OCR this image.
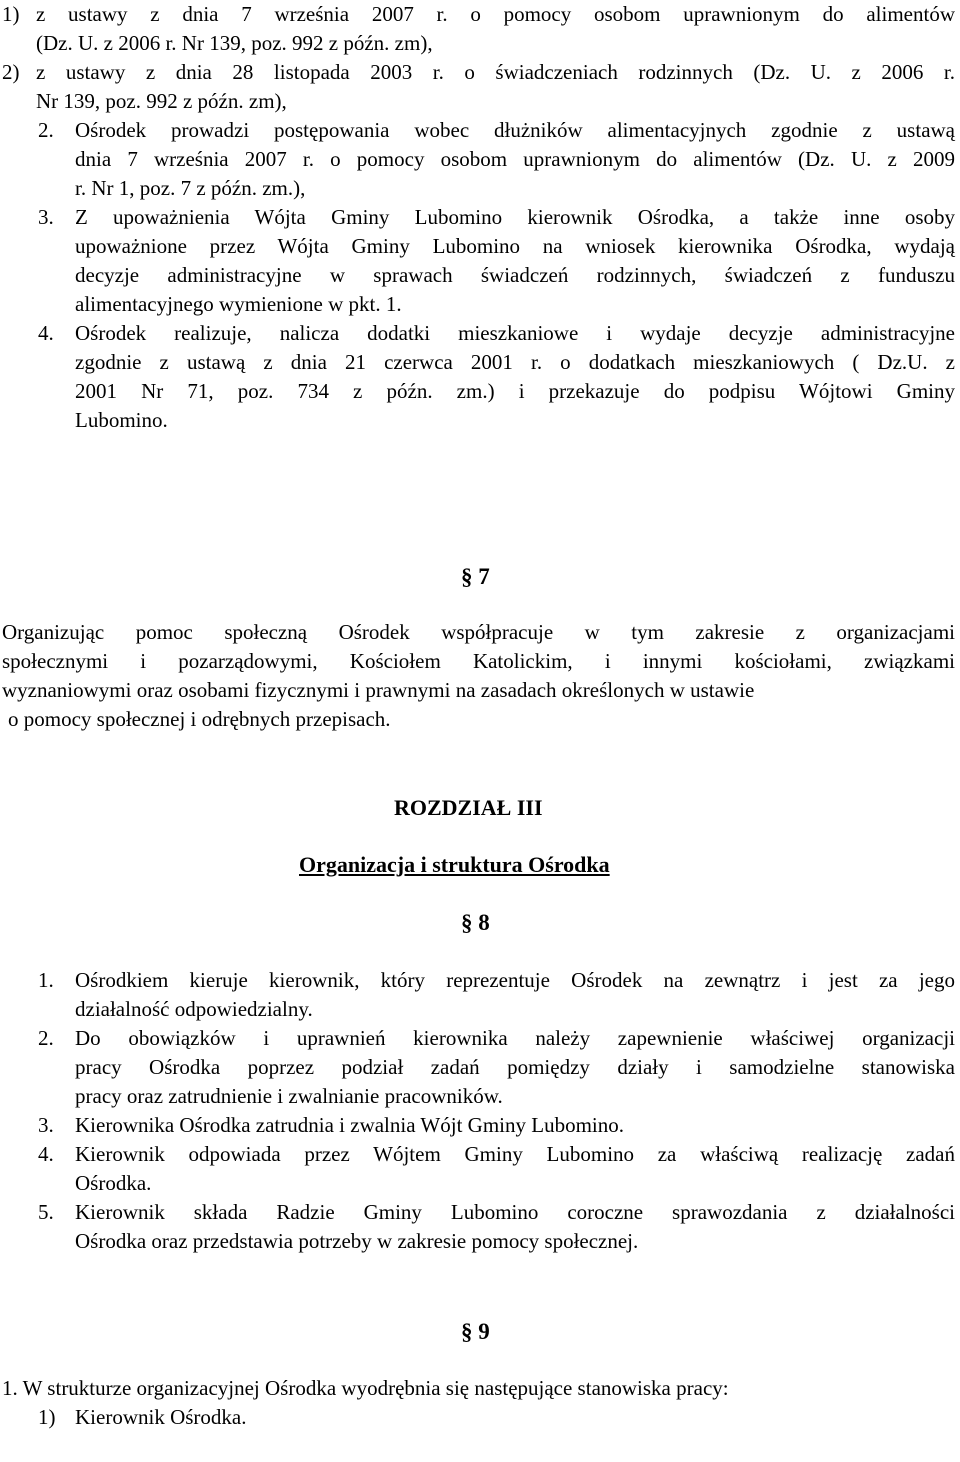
1) z ustawy z dnia 7 września 2007 r. o pomocy osobom uprawnionym do alimentów
(Dz. U. z 2006 r. Nr 139, poz. 992 z późn. zm),
2) z ustawy z dnia 28 listopada 2003 r. o świadczeniach rodzinnych (Dz. U. z 2006 r.
Nr 139, poz. 992 z późn. zm),
2. Ośrodek prowadzi postępowania wobec dłużników alimentacyjnych zgodnie z ustawą
dnia 7 września 2007 r. o pomocy osobom uprawnionym do alimentów (Dz. U. z 2009
r. Nr 1, poz. 7 z późn. zm.),
3. Z upoważnienia Wójta Gminy Lubomino kierownik Ośrodka, a także inne osoby
upoważnione przez Wójta Gminy Lubomino na wniosek kierownika Ośrodka, wydają
decyzje administracyjne w sprawach świadczeń rodzinnych, świadczeń z funduszu
alimentacyjnego wymienione w pkt. 1.
4. Ośrodek realizuje, nalicza dodatki mieszkaniowe i wydaje decyzje administracyjne
zgodnie z ustawą z dnia 21 czerwca 2001 r. o dodatkach mieszkaniowych ( Dz.U. z
2001 Nr 71, poz. 734 z późn. zm.) i przekazuje do podpisu Wójtowi Gminy
Lubomino.
§ 7
Organizując pomoc społeczną Ośrodek współpracuje w tym zakresie z organizacjami
społecznymi i pozarządowymi, Kościołem Katolickim, i innymi kościołami, związkami
wyznaniowymi oraz osobami fizycznymi i prawnymi na zasadach określonych w ustawie
o pomocy społecznej i odrębnych przepisach.
ROZDZIAŁ III
Organizacja i struktura Ośrodka
§ 8
1. Ośrodkiem kieruje kierownik, który reprezentuje Ośrodek na zewnątrz i jest za jego
działalność odpowiedzialny.
2. Do obowiązków i uprawnień kierownika należy zapewnienie właściwej organizacji
pracy Ośrodka poprzez podział zadań pomiędzy działy i samodzielne stanowiska
pracy oraz zatrudnienie i zwalnianie pracowników.
3. Kierownika Ośrodka zatrudnia i zwalnia Wójt Gminy Lubomino.
4. Kierownik odpowiada przez Wójtem Gminy Lubomino za właściwą realizację zadań
Ośrodka.
5. Kierownik składa Radzie Gminy Lubomino coroczne sprawozdania z działalności
Ośrodka oraz przedstawia potrzeby w zakresie pomocy społecznej.
§ 9
1. W strukturze organizacyjnej Ośrodka wyodrębnia się następujące stanowiska pracy:
1) Kierownik Ośrodka.
